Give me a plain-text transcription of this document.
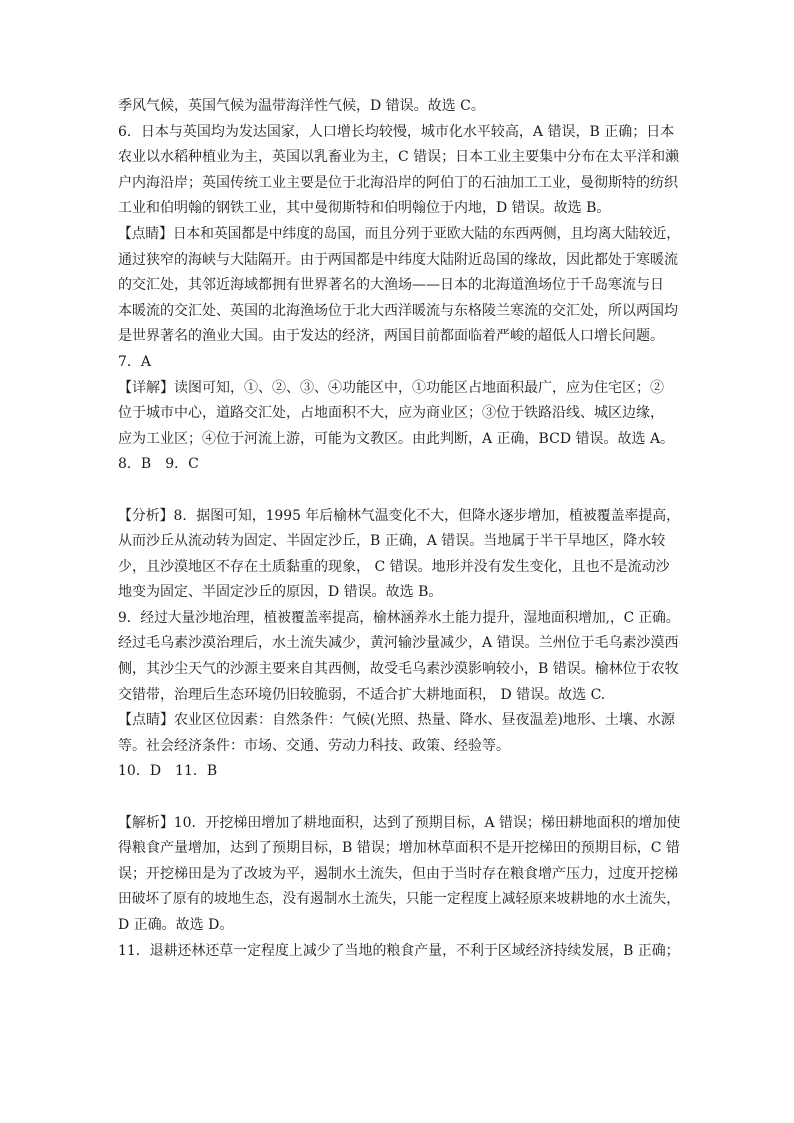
季风气候，英国气候为温带海洋性气候，D 错误。故选 C。
6．日本与英国均为发达国家，人口增长均较慢，城市化水平较高，A 错误，B 正确；日本
农业以水稻种植业为主，英国以乳畜业为主，C 错误；日本工业主要集中分布在太平洋和濑
户内海沿岸；英国传统工业主要是位于北海沿岸的阿伯丁的石油加工工业，曼彻斯特的纺织
工业和伯明翰的钢铁工业，其中曼彻斯特和伯明翰位于内地，D 错误。故选 B。
【点睛】日本和英国都是中纬度的岛国，而且分列于亚欧大陆的东西两侧，且均离大陆较近，
通过狭窄的海峡与大陆隔开。由于两国都是中纬度大陆附近岛国的缘故，因此都处于寒暖流
的交汇处，其邻近海域都拥有世界著名的大渔场——日本的北海道渔场位于千岛寒流与日
本暖流的交汇处、英国的北海渔场位于北大西洋暖流与东格陵兰寒流的交汇处，所以两国均
是世界著名的渔业大国。由于发达的经济，两国目前都面临着严峻的超低人口增长问题。
7．A
【详解】读图可知，①、②、③、④功能区中，①功能区占地面积最广，应为住宅区；②
位于城市中心，道路交汇处，占地面积不大，应为商业区；③位于铁路沿线、城区边缘，
应为工业区；④位于河流上游，可能为文教区。由此判断，A 正确，BCD 错误。故选 A。
8．B　9．C
【分析】8．据图可知，1995 年后榆林气温变化不大，但降水逐步增加，植被覆盖率提高，
从而沙丘从流动转为固定、半固定沙丘，B 正确，A 错误。当地属于半干旱地区，降水较
少，且沙漠地区不存在土质黏重的现象， C 错误。地形并没有发生变化，且也不是流动沙
地变为固定、半固定沙丘的原因，D 错误。故选 B。
9．经过大量沙地治理，植被覆盖率提高，榆林涵养水土能力提升，湿地面积增加,，C 正确。
经过毛乌素沙漠治理后，水土流失减少，黄河输沙量减少，A 错误。兰州位于毛乌素沙漠西
侧，其沙尘天气的沙源主要来自其西侧，故受毛乌素沙漠影响较小，B 错误。榆林位于农牧
交错带，治理后生态环境仍旧较脆弱，不适合扩大耕地面积， D 错误。故选 C.
【点睛】农业区位因素：自然条件：气候(光照、热量、降水、昼夜温差)地形、土壤、水源
等。社会经济条件：市场、交通、劳动力科技、政策、经验等。
10．D　11．B
【解析】10．开挖梯田增加了耕地面积，达到了预期目标，A 错误；梯田耕地面积的增加使
得粮食产量增加，达到了预期目标，B 错误；增加林草面积不是开挖梯田的预期目标，C 错
误；开挖梯田是为了改坡为平，遏制水土流失，但由于当时存在粮食增产压力，过度开挖梯
田破坏了原有的坡地生态，没有遏制水土流失，只能一定程度上减轻原来坡耕地的水土流失，
D 正确。故选 D。
11．退耕还林还草一定程度上减少了当地的粮食产量，不利于区域经济持续发展，B 正确；
